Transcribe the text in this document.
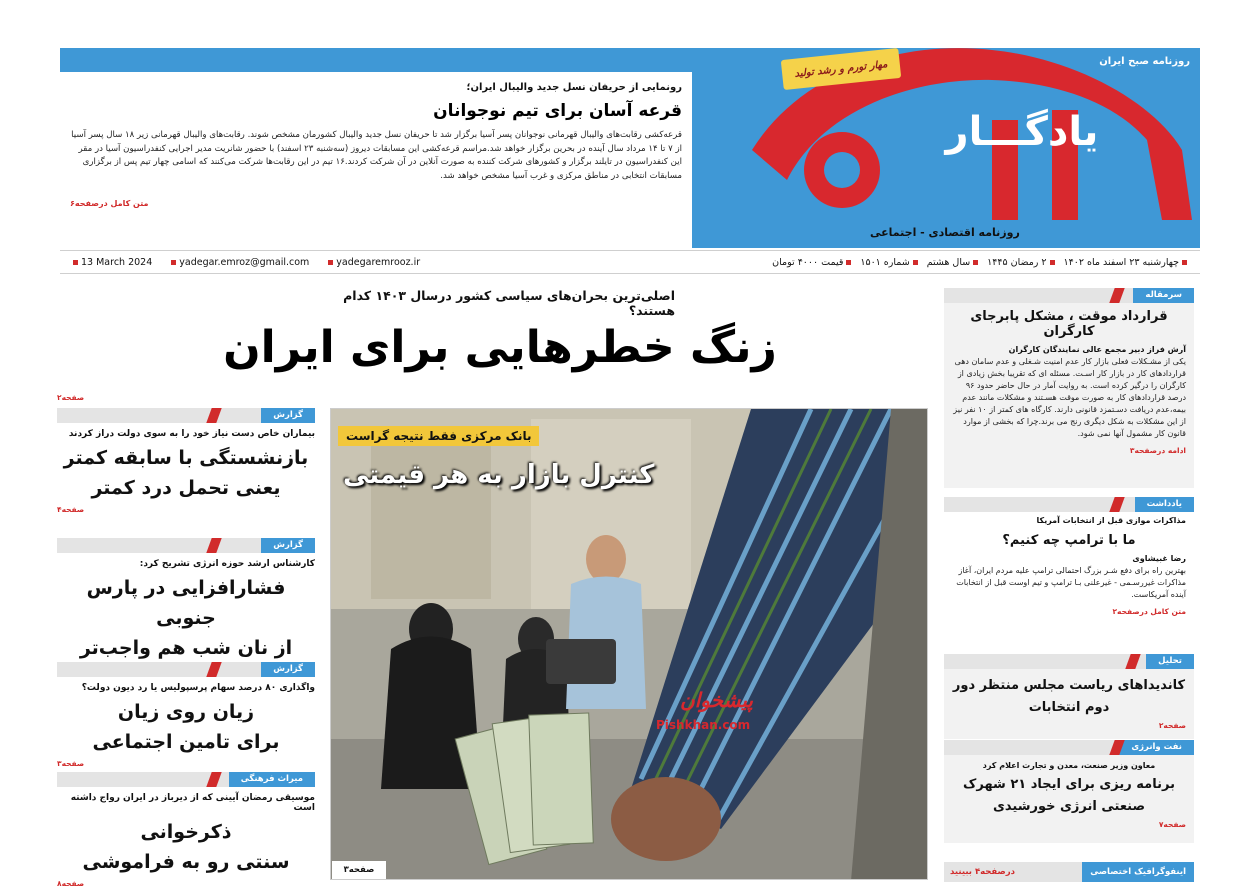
یادگـــار
روزنامه صبح ایران
مهار تورم و رشد تولید
روزنامه اقتصادی - اجتماعی
رونمایی از حریفان نسل جدید والیبال ایران؛
قرعه آسان برای تیم نوجوانان
قرعه‌کشی رقابت‌های والیبال قهرمانی نوجوانان پسر آسیا برگزار شد تا حریفان نسل جدید والیبال کشورمان مشخص شوند. رقابت‌های والیبال قهرمانی زیر ۱۸ سال پسر آسیا از ۷ تا ۱۴ مرداد سال آینده در بحرین برگزار خواهد شد.مراسم قرعه‌کشی این مسابقات دیروز (سه‌شنبه ۲۳ اسفند) با حضور شانریت مدیر اجرایی کنفدراسیون آسیا در مقر این کنفدراسیون در تایلند برگزار و کشورهای شرکت کننده به صورت آنلاین در آن شرکت کردند.۱۶ تیم در این رقابت‌ها شرکت می‌کنند که اسامی چهار تیم پس از برگزاری مسابقات انتخابی در مناطق مرکزی و غرب آسیا مشخص خواهد شد.
متن کامل درصفحه۶
چهارشنبه ۲۳ اسفند ماه ۱۴۰۲
۲ رمضان ۱۴۴۵
سال هشتم
شماره ۱۵۰۱
قیمت ۴۰۰۰ تومان
13 March 2024	yadegar.emroz@gmail.com	yadegaremrooz.ir
اصلی‌ترین بحران‌های سیاسی کشور درسال ۱۴۰۳ کدام هستند؟
زنگ خطرهایی برای ایران
صفحه۲
بانک مرکزی فقط نتیجه گراست
کنترل بازار به هر قیمتی
پیشخوان
Pishkhan.com
صفحه۳
سرمقاله
قرارداد موقت ، مشکل پابرجای کارگران
آرش فراز دبیر مجمع عالی نمایندگان کارگران
یکی از مشـکلات فعلی بازار کار عدم امنیت شـغلی و عدم سامان دهی قراردادهای کار در بازار کار اسـت. مسئله ای که تقریبا بخش زیادی از کارگران را درگیر کرده است. به روایت آمار در حال حاضر حدود ۹۶ درصد قراردادهای کار به صورت موقت هسـتند و مشکلات مانند عدم بیمه،عدم دریافت دسـتمزد قانونی دارند. کارگاه های کمتر از ۱۰ نفر نیز از این مشکلات به شکل دیگری رنج می برند.چرا که بخشی از موارد قانون کار مشمول آنها نمی شود.
ادامه درصفحه۳
یادداشت
مذاکرات موازی قبل از انتخابات آمریکا
ما با ترامپ چه کنیم؟
رضا غبیشاوی
بهترین راه برای دفع شـر بزرگ احتمالی ترامپ علیه مردم ایران، آغاز مذاکرات غیررسـمی - غیرعلنی بـا ترامپ و تیم اوست قبل از انتخابات آینده آمریکاست.
متن کامل درصفحه۲
تحلیل
کاندیداهای ریاست مجلس منتظر دور دوم انتخابات
صفحه۲
نفت وانرژی
معاون وزیر صنعت، معدن و تجارت اعلام کرد
برنامه ریزی برای ایجاد ۲۱ شهرک صنعتی انرژی خورشیدی
صفحه۷
اینفوگرافیک اختصاصی
درصفحه۴ ببینید
گزارش
بیماران خاص دست نیاز خود را به سوی دولت دراز کردند
بازنشستگی با سابقه کمتر
یعنی تحمل درد کمتر
صفحه۴
گزارش
کارشناس ارشد حوزه انرژی تشریح کرد:
فشارافزایی در پارس جنوبی
از نان شب هم واجب‌تر
گزارش
واگذاری ۸۰ درصد سهام پرسپولیس یا رد دیون دولت؟
زیان روی زیان
برای تامین اجتماعی
صفحه۳
میراث فرهنگی
موسیقی رمضان آیینی که از دیرباز در ایران رواج داشته است
ذکرخوانی
سنتی رو به فراموشی
صفحه۸
